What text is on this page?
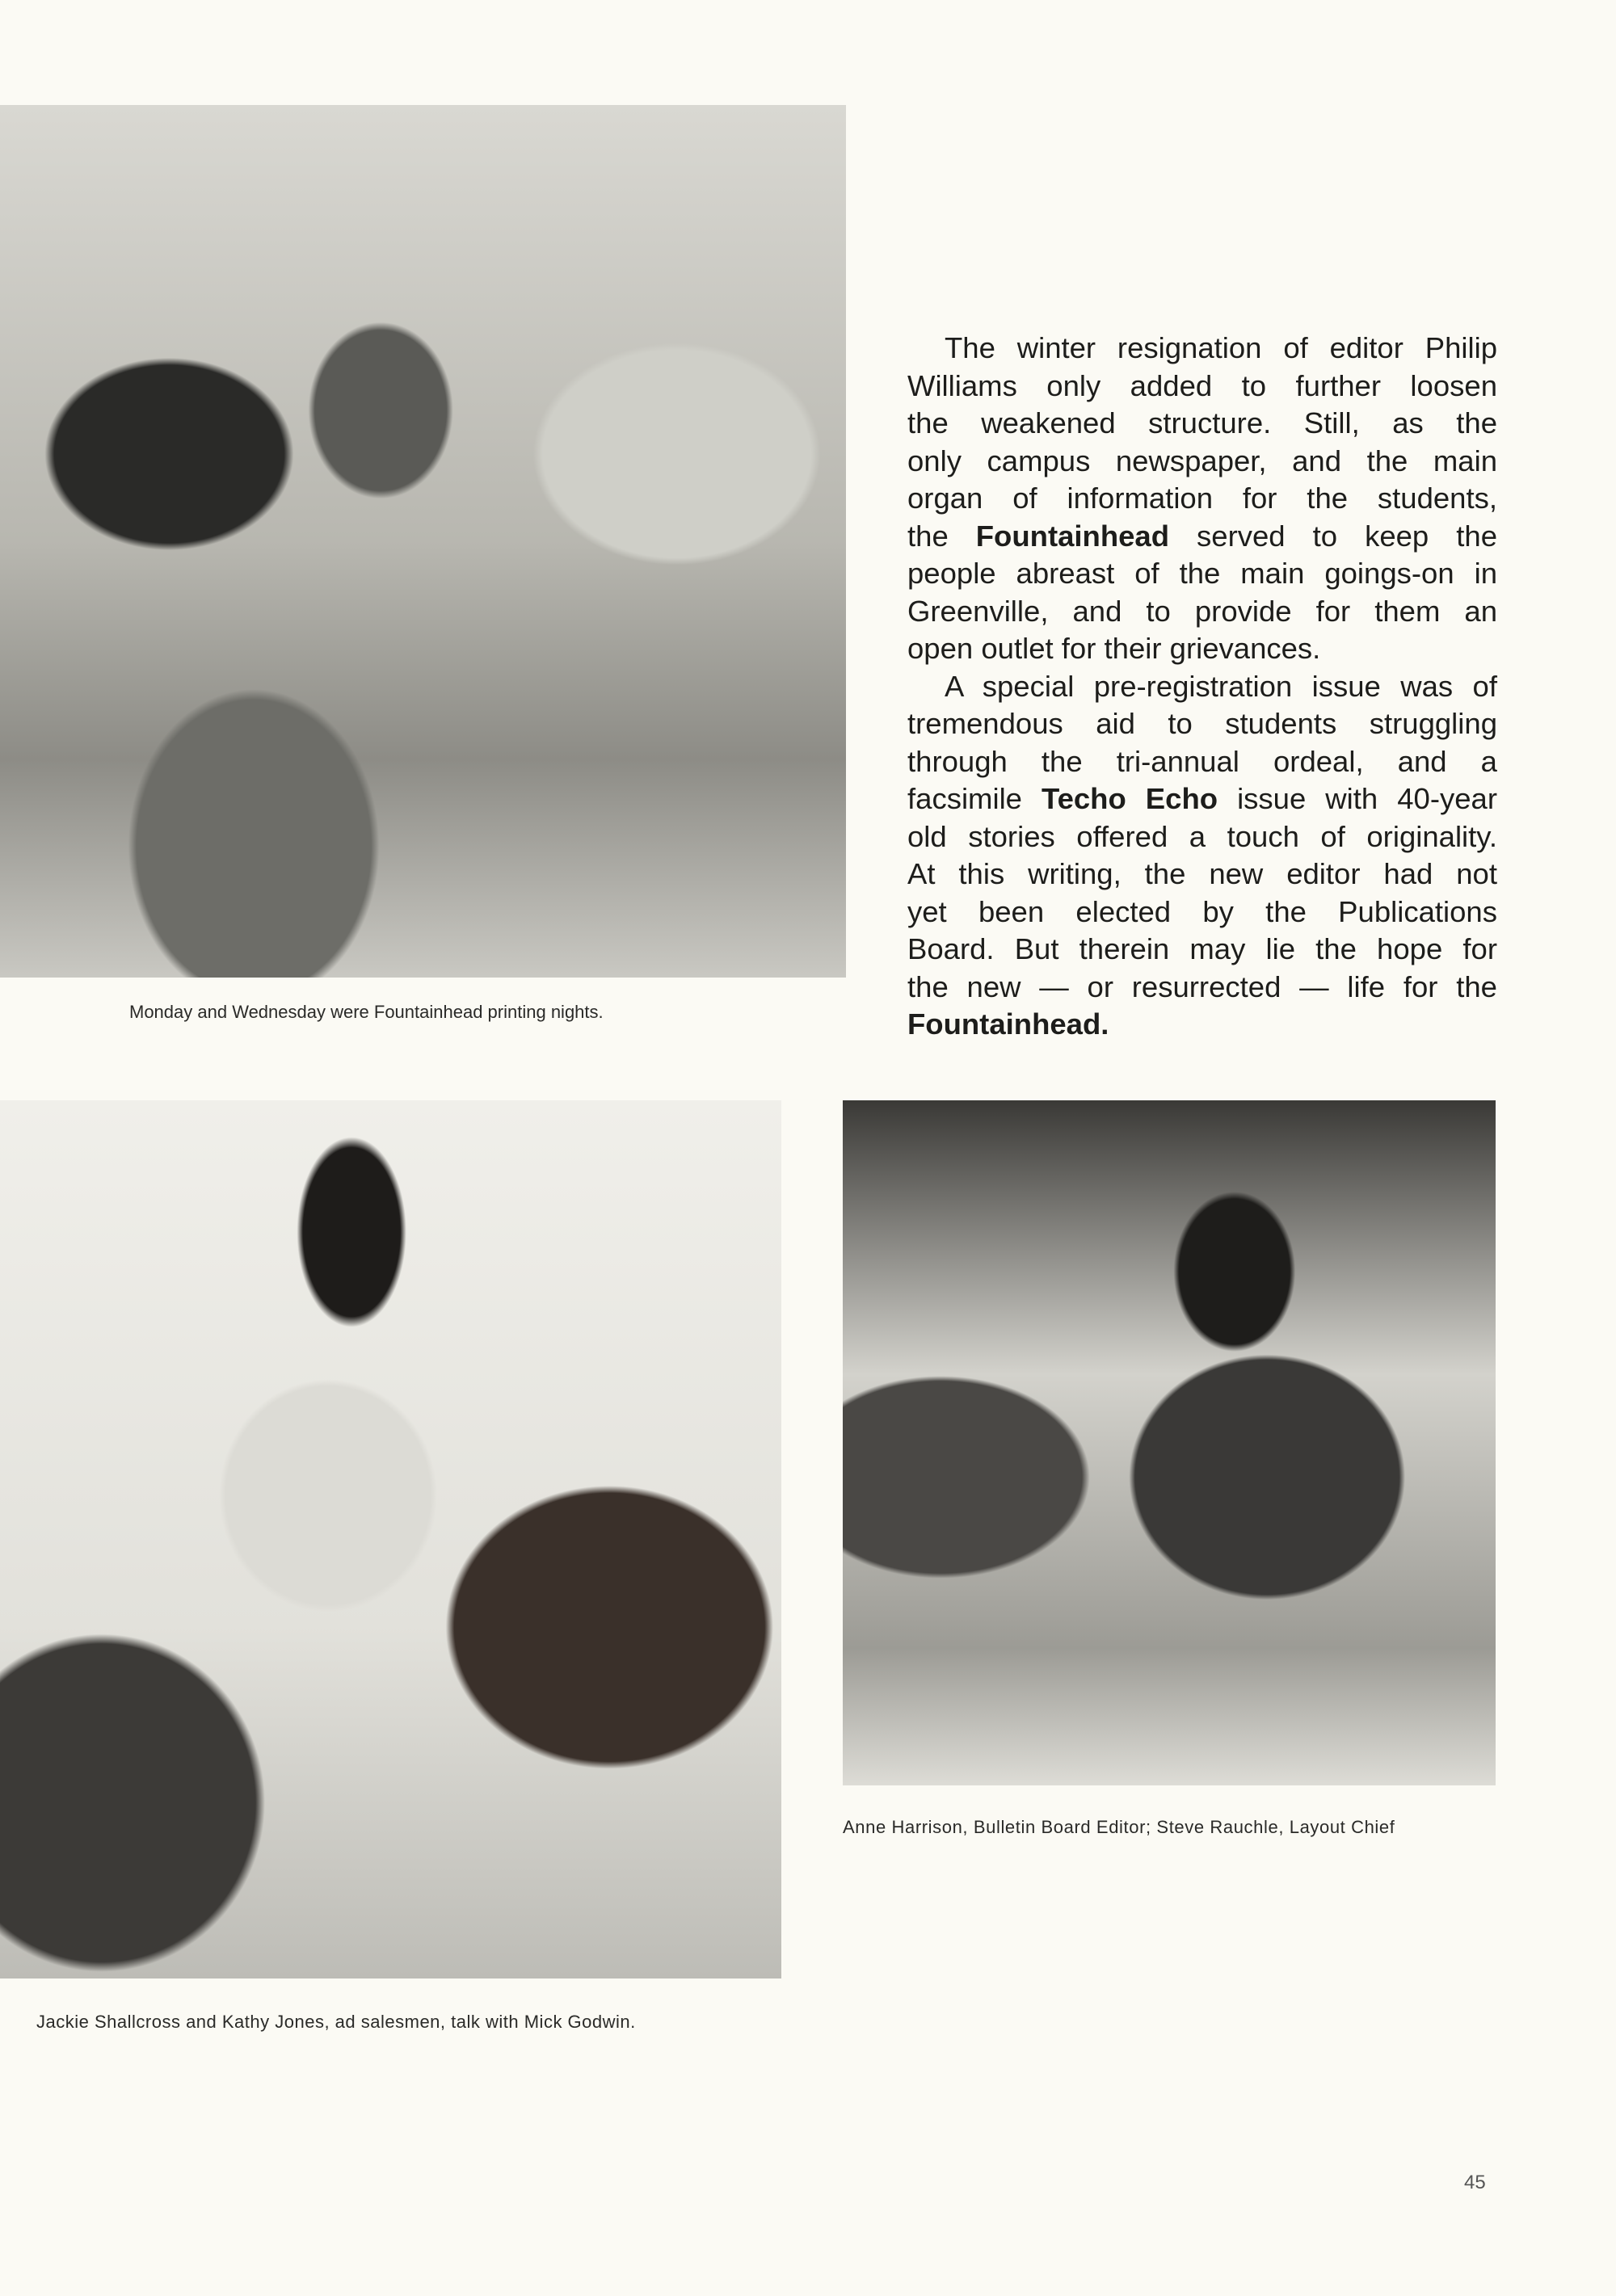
Monday and Wednesday were Fountainhead printing nights.
The winter resignation of editor Philip
Williams only added to further loosen
the weakened structure. Still, as the
only campus newspaper, and the main
organ of information for the students,
the Fountainhead served to keep the
people abreast of the main goings-on in
Greenville, and to provide for them an
open outlet for their grievances.
A special pre-registration issue was of
tremendous aid to students struggling
through the tri-annual ordeal, and a
facsimile Techo Echo issue with 40-year
old stories offered a touch of originality.
At this writing, the new editor had not
yet been elected by the Publications
Board. But therein may lie the hope for
the new — or resurrected — life for the
Fountainhead.
Jackie Shallcross and Kathy Jones, ad salesmen, talk with Mick Godwin.
Anne Harrison, Bulletin Board Editor; Steve Rauchle, Layout Chief
45
